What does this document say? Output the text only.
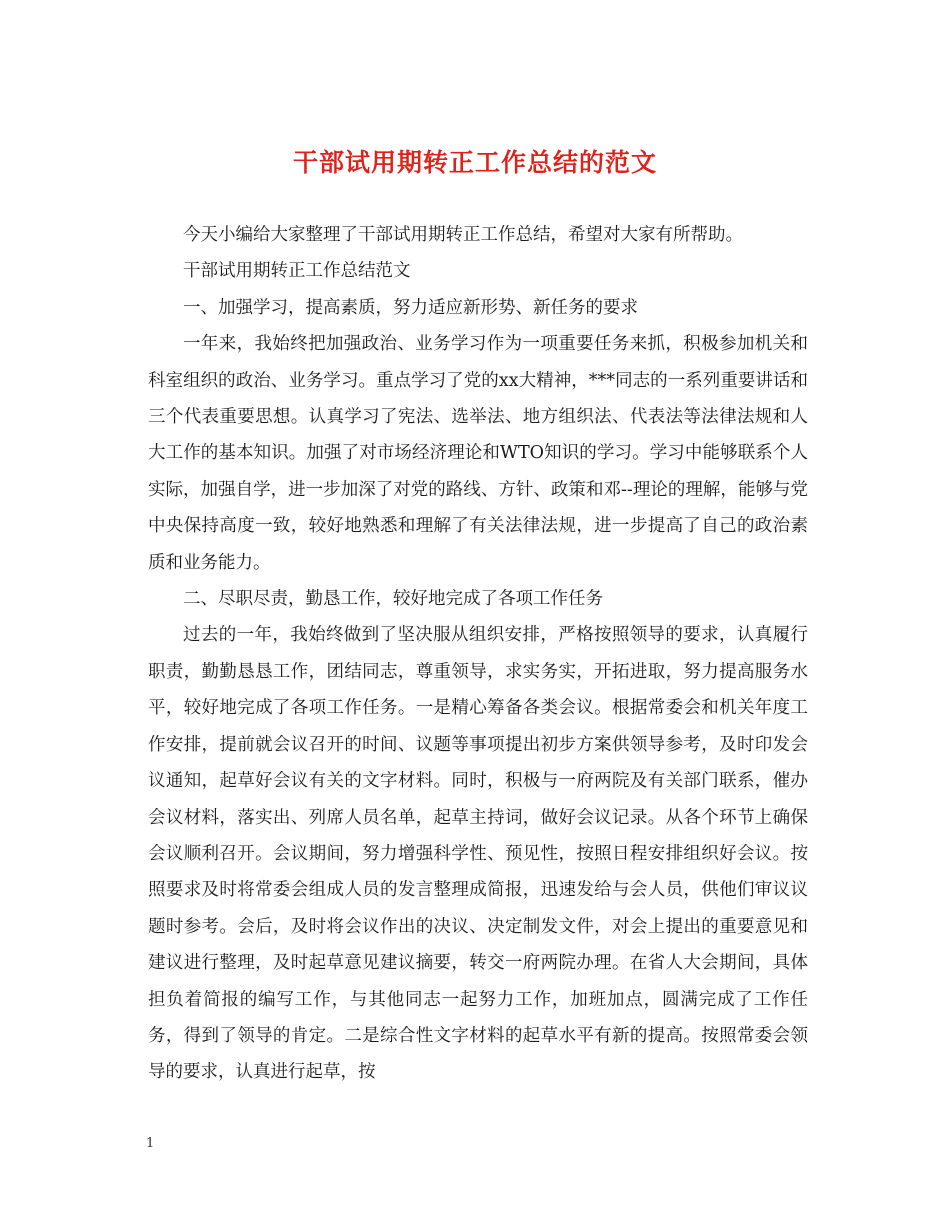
干部试用期转正工作总结的范文

今天小编给大家整理了干部试用期转正工作总结，希望对大家有所帮助。

干部试用期转正工作总结范文

一、加强学习，提高素质，努力适应新形势、新任务的要求

一年来，我始终把加强政治、业务学习作为一项重要任务来抓，积极参加机关和科室组织的政治、业务学习。重点学习了党的xx大精神，***同志的一系列重要讲话和三个代表重要思想。认真学习了宪法、选举法、地方组织法、代表法等法律法规和人大工作的基本知识。加强了对市场经济理论和WTO知识的学习。学习中能够联系个人实际，加强自学，进一步加深了对党的路线、方针、政策和邓--理论的理解，能够与党中央保持高度一致，较好地熟悉和理解了有关法律法规，进一步提高了自己的政治素质和业务能力。

二、尽职尽责，勤恳工作，较好地完成了各项工作任务

过去的一年，我始终做到了坚决服从组织安排，严格按照领导的要求，认真履行职责，勤勤恳恳工作，团结同志，尊重领导，求实务实，开拓进取，努力提高服务水平，较好地完成了各项工作任务。一是精心筹备各类会议。根据常委会和机关年度工作安排，提前就会议召开的时间、议题等事项提出初步方案供领导参考，及时印发会议通知，起草好会议有关的文字材料。同时，积极与一府两院及有关部门联系，催办会议材料，落实出、列席人员名单，起草主持词，做好会议记录。从各个环节上确保会议顺利召开。会议期间，努力增强科学性、预见性，按照日程安排组织好会议。按照要求及时将常委会组成人员的发言整理成简报，迅速发给与会人员，供他们审议议题时参考。会后，及时将会议作出的决议、决定制发文件，对会上提出的重要意见和建议进行整理，及时起草意见建议摘要，转交一府两院办理。在省人大会期间，具体担负着简报的编写工作，与其他同志一起努力工作，加班加点，圆满完成了工作任务，得到了领导的肯定。二是综合性文字材料的起草水平有新的提高。按照常委会领导的要求，认真进行起草，按

1
